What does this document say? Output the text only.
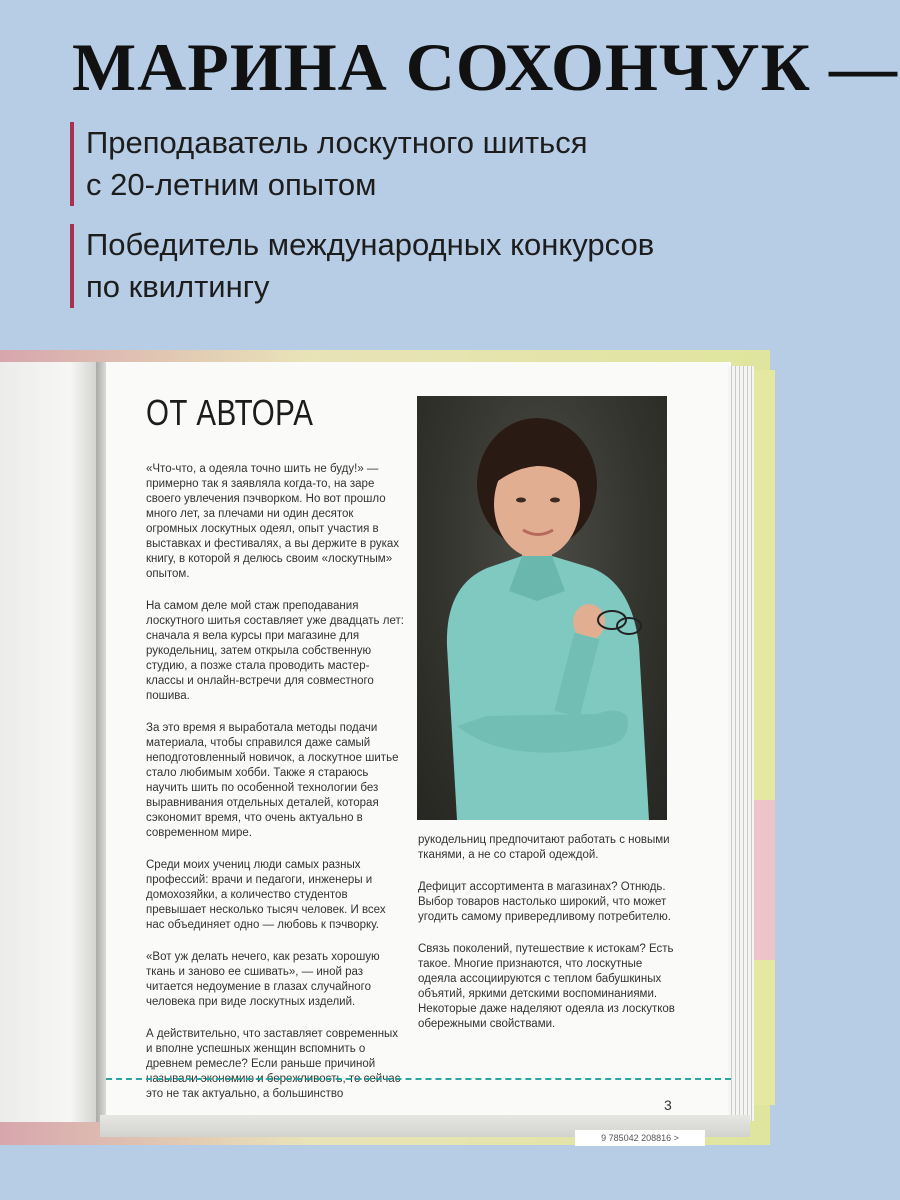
МАРИНА СОХОНЧУК —
Преподаватель лоскутного шиться
с 20-летним опытом
Победитель международных конкурсов
по квилтингу
9 785042 208816 >
ОТ АВТОРА

«Что-что, а одеяла точно шить не буду!» — примерно так я заявляла когда-то, на заре своего увлечения пэчворком. Но вот прошло много лет, за плечами ни один десяток огромных лоскутных одеял, опыт участия в выставках и фестивалях, а вы держите в руках книгу, в которой я делюсь своим «лоскутным» опытом.

На самом деле мой стаж преподавания лоскутного шитья составляет уже двадцать лет: сначала я вела курсы при магазине для рукодельниц, затем открыла собственную студию, а позже стала проводить мастер-классы и онлайн-встречи для совместного пошива.

За это время я выработала методы подачи материала, чтобы справился даже самый неподготовленный новичок, а лоскутное шитье стало любимым хобби. Также я стараюсь научить шить по особенной технологии без выравнивания отдельных деталей, которая сэкономит время, что очень актуально в современном мире.

Среди моих учениц люди самых разных профессий: врачи и педагоги, инженеры и домохозяйки, а количество студентов превышает несколько тысяч человек. И всех нас объединяет одно — любовь к пэчворку.

«Вот уж делать нечего, как резать хорошую ткань и заново ее сшивать», — иной раз читается недоумение в глазах случайного человека при виде лоскутных изделий.

А действительно, что заставляет современных и вполне успешных женщин вспомнить о древнем ремесле? Если раньше причиной называли экономию и бережливость, то сейчас это не так актуально, а большинство

рукодельниц предпочитают работать с новыми тканями, а не со старой одеждой.

Дефицит ассортимента в магазинах? Отнюдь. Выбор товаров настолько широкий, что может угодить самому привередливому потребителю.

Связь поколений, путешествие к истокам? Есть такое. Многие признаются, что лоскутные одеяла ассоциируются с теплом бабушкиных объятий, яркими детскими воспоминаниями. Некоторые даже наделяют одеяла из лоскутков обережными свойствами.

3
